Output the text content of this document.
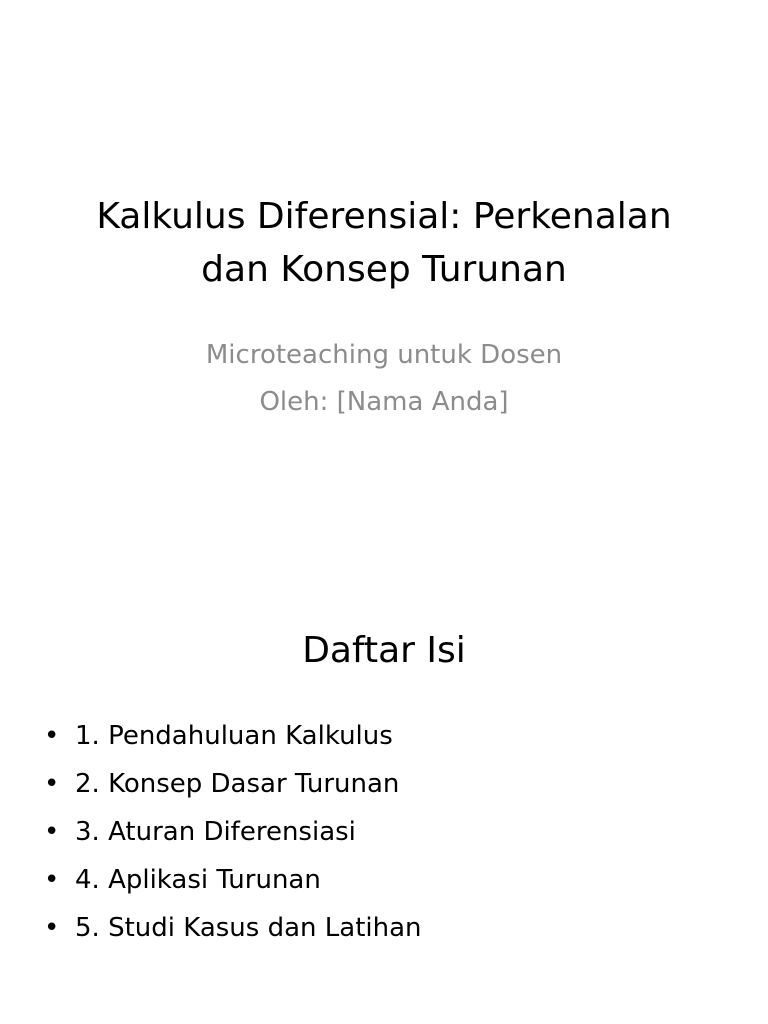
Kalkulus Diferensial: Perkenalan
dan Konsep Turunan
Microteaching untuk Dosen
Oleh: [Nama Anda]
Daftar Isi
• 1. Pendahuluan Kalkulus
• 2. Konsep Dasar Turunan
• 3. Aturan Diferensiasi
• 4. Aplikasi Turunan
• 5. Studi Kasus dan Latihan
